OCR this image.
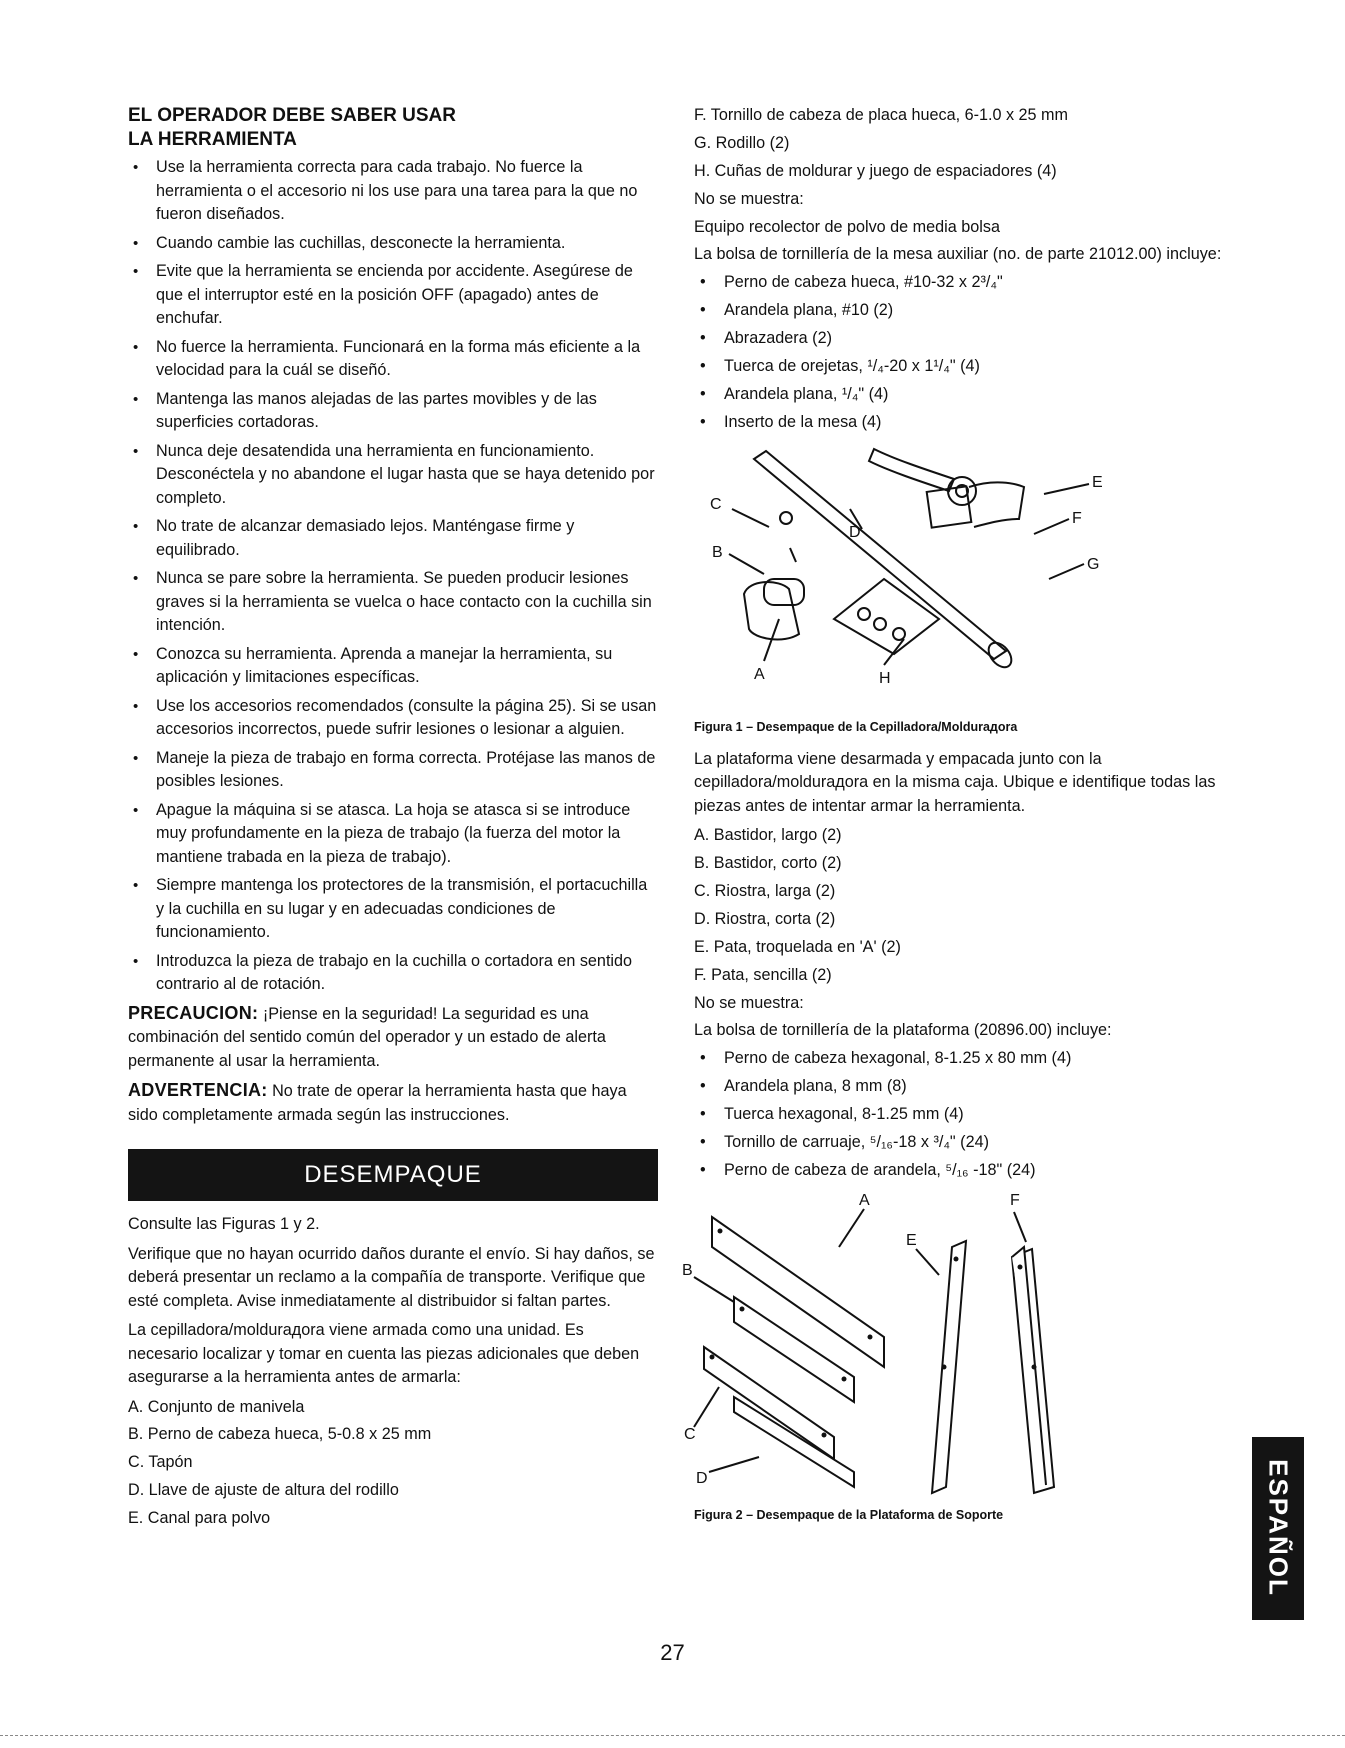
EL OPERADOR DEBE SABER USAR
LA HERRAMIENTA
• Use la herramienta correcta para cada trabajo. No fuerce la herramienta o el accesorio ni los use para una tarea para la que no fueron diseñados.
• Cuando cambie las cuchillas, desconecte la herramienta.
• Evite que la herramienta se encienda por accidente. Asegúrese de que el interruptor esté en la posición OFF (apagado) antes de enchufar.
• No fuerce la herramienta. Funcionará en la forma más eficiente a la velocidad para la cuál se diseñó.
• Mantenga las manos alejadas de las partes movibles y de las superficies cortadoras.
• Nunca deje desatendida una herramienta en funcionamiento. Desconéctela y no abandone el lugar hasta que se haya detenido por completo.
• No trate de alcanzar demasiado lejos. Manténgase firme y equilibrado.
• Nunca se pare sobre la herramienta. Se pueden producir lesiones graves si la herramienta se vuelca o hace contacto con la cuchilla sin intención.
• Conozca su herramienta. Aprenda a manejar la herramienta, su aplicación y limitaciones específicas.
• Use los accesorios recomendados (consulte la página 25). Si se usan accesorios incorrectos, puede sufrir lesiones o lesionar a alguien.
• Maneje la pieza de trabajo en forma correcta. Protéjase las manos de posibles lesiones.
• Apague la máquina si se atasca. La hoja se atasca si se introduce muy profundamente en la pieza de trabajo (la fuerza del motor la mantiene trabada en la pieza de trabajo).
• Siempre mantenga los protectores de la transmisión, el portacuchilla y la cuchilla en su lugar y en adecuadas condiciones de funcionamiento.
• Introduzca la pieza de trabajo en la cuchilla o cortadora en sentido contrario al de rotación.

PRECAUCION: ¡Piense en la seguridad! La seguridad es una combinación del sentido común del operador y un estado de alerta permanente al usar la herramienta.

ADVERTENCIA: No trate de operar la herramienta hasta que haya sido completamente armada según las instrucciones.

DESEMPAQUE

Consulte las Figuras 1 y 2.

Verifique que no hayan ocurrido daños durante el envío. Si hay daños, se deberá presentar un reclamo a la compañía de transporte. Verifique que esté completa. Avise inmediatamente al distribuidor si faltan partes.

La cepilladora/moldurадora viene armada como una unidad. Es necesario localizar y tomar en cuenta las piezas adicionales que deben asegurarse a la herramienta antes de armarla:

A. Conjunto de manivela
B. Perno de cabeza hueca, 5-0.8 x 25 mm
C. Tapón
D. Llave de ajuste de altura del rodillo
E. Canal para polvo
F. Tornillo de cabeza de placa hueca, 6-1.0 x 25 mm
G. Rodillo (2)
H. Cuñas de moldurar y juego de espaciadores (4)
No se muestra:
Equipo recolector de polvo de media bolsa
La bolsa de tornillería de la mesa auxiliar (no. de parte 21012.00) incluye:
• Perno de cabeza hueca, #10-32 x 2³/₄"
• Arandela plana, #10 (2)
• Abrazadera (2)
• Tuerca de orejetas, ¹/₄-20 x 1¹/₄" (4)
• Arandela plana, ¹/₄" (4)
• Inserto de la mesa (4)
C
B
D
E
F
G
A	H
Figura 1 – Desempaque de la Cepilladora/Moldurадora

La plataforma viene desarmada y empacada junto con la cepilladora/moldurадora en la misma caja. Ubique e identifique todas las piezas antes de intentar armar la herramienta.

A. Bastidor, largo (2)
B. Bastidor, corto (2)
C. Riostra, larga (2)
D. Riostra, corta (2)
E. Pata, troquelada en 'A' (2)
F. Pata, sencilla (2)
No se muestra:
La bolsa de tornillería de la plataforma (20896.00) incluye:
• Perno de cabeza hexagonal, 8-1.25 x 80 mm (4)
• Arandela plana, 8 mm (8)
• Tuerca hexagonal, 8-1.25 mm (4)
• Tornillo de carruaje, ⁵/₁₆-18 x ³/₄" (24)
• Perno de cabeza de arandela, ⁵/₁₆ -18" (24)
A
B
E
F
C
D
Figura 2 – Desempaque de la Plataforma de Soporte	ESPAÑOL
27
